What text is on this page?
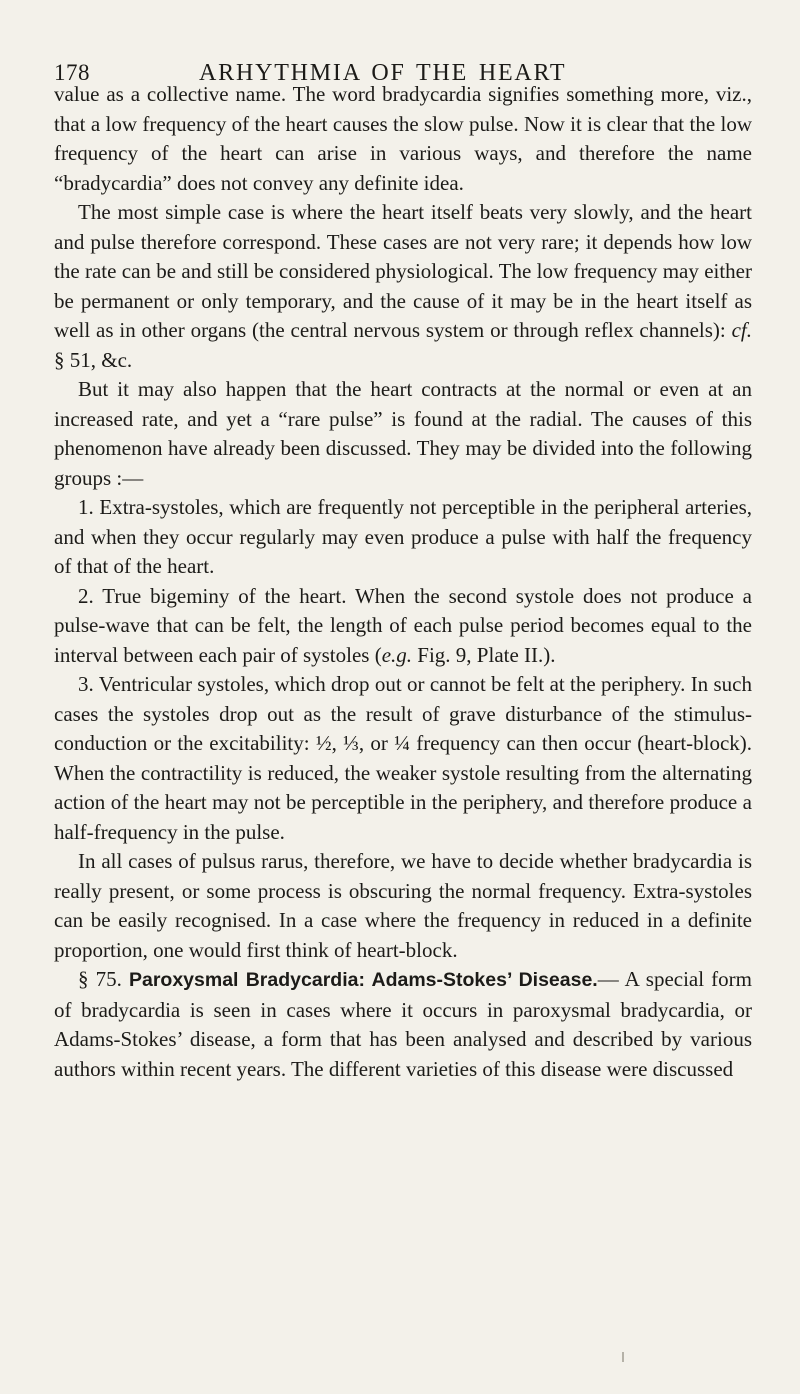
178	ARHYTHMIA OF THE HEART

value as a collective name. The word bradycardia signifies something more, viz., that a low frequency of the heart causes the slow pulse. Now it is clear that the low frequency of the heart can arise in various ways, and therefore the name “bradycardia” does not convey any definite idea.

The most simple case is where the heart itself beats very slowly, and the heart and pulse therefore correspond. These cases are not very rare; it depends how low the rate can be and still be considered physiological. The low frequency may either be permanent or only temporary, and the cause of it may be in the heart itself as well as in other organs (the central nervous system or through reflex channels): cf. § 51, &c.

But it may also happen that the heart contracts at the normal or even at an increased rate, and yet a “rare pulse” is found at the radial. The causes of this phenomenon have already been discussed. They may be divided into the following groups :—

1. Extra-systoles, which are frequently not perceptible in the peripheral arteries, and when they occur regularly may even produce a pulse with half the frequency of that of the heart.

2. True bigeminy of the heart. When the second systole does not produce a pulse-wave that can be felt, the length of each pulse period becomes equal to the interval between each pair of systoles (e.g. Fig. 9, Plate II.).

3. Ventricular systoles, which drop out or cannot be felt at the periphery. In such cases the systoles drop out as the result of grave disturbance of the stimulus-conduction or the excitability: ½, ⅓, or ¼ frequency can then occur (heart-block). When the contractility is reduced, the weaker systole resulting from the alternating action of the heart may not be perceptible in the periphery, and therefore produce a half-frequency in the pulse.

In all cases of pulsus rarus, therefore, we have to decide whether bradycardia is really present, or some process is obscuring the normal frequency. Extra-systoles can be easily recognised. In a case where the frequency in reduced in a definite proportion, one would first think of heart-block.

§ 75. Paroxysmal Bradycardia: Adams-Stokes’ Disease.— A special form of bradycardia is seen in cases where it occurs in paroxysmal bradycardia, or Adams-Stokes’ disease, a form that has been analysed and described by various authors within recent years. The different varieties of this disease were discussed
